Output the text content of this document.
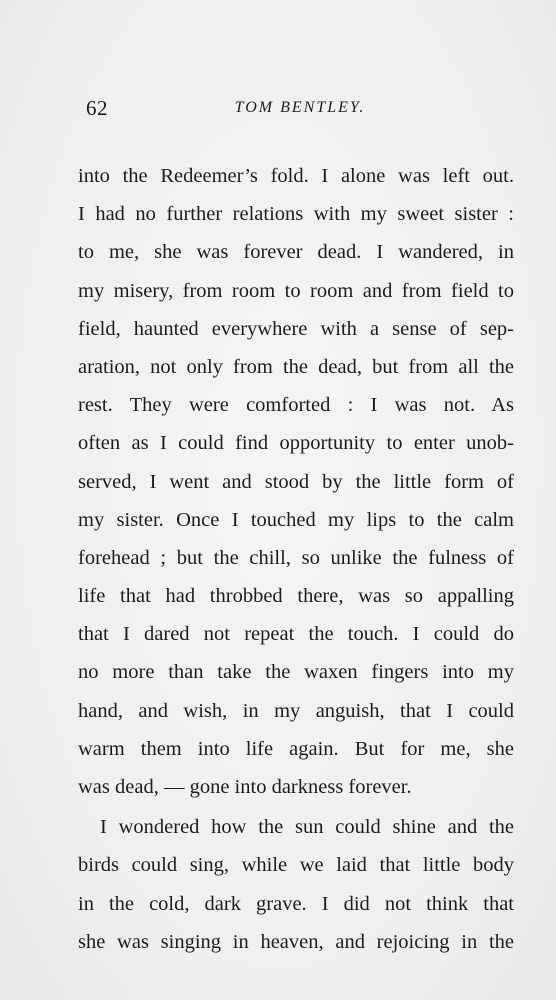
62	TOM BENTLEY.
into the Redeemer’s fold. I alone was left out.
I had no further relations with my sweet sister :
to me, she was forever dead. I wandered, in
my misery, from room to room and from field to
field, haunted everywhere with a sense of sep-
aration, not only from the dead, but from all the
rest. They were comforted : I was not. As
often as I could find opportunity to enter unob-
served, I went and stood by the little form of
my sister. Once I touched my lips to the calm
forehead ; but the chill, so unlike the fulness of
life that had throbbed there, was so appalling
that I dared not repeat the touch. I could do
no more than take the waxen fingers into my
hand, and wish, in my anguish, that I could
warm them into life again. But for me, she
was dead, — gone into darkness forever.
I wondered how the sun could shine and the
birds could sing, while we laid that little body
in the cold, dark grave. I did not think that
she was singing in heaven, and rejoicing in the
